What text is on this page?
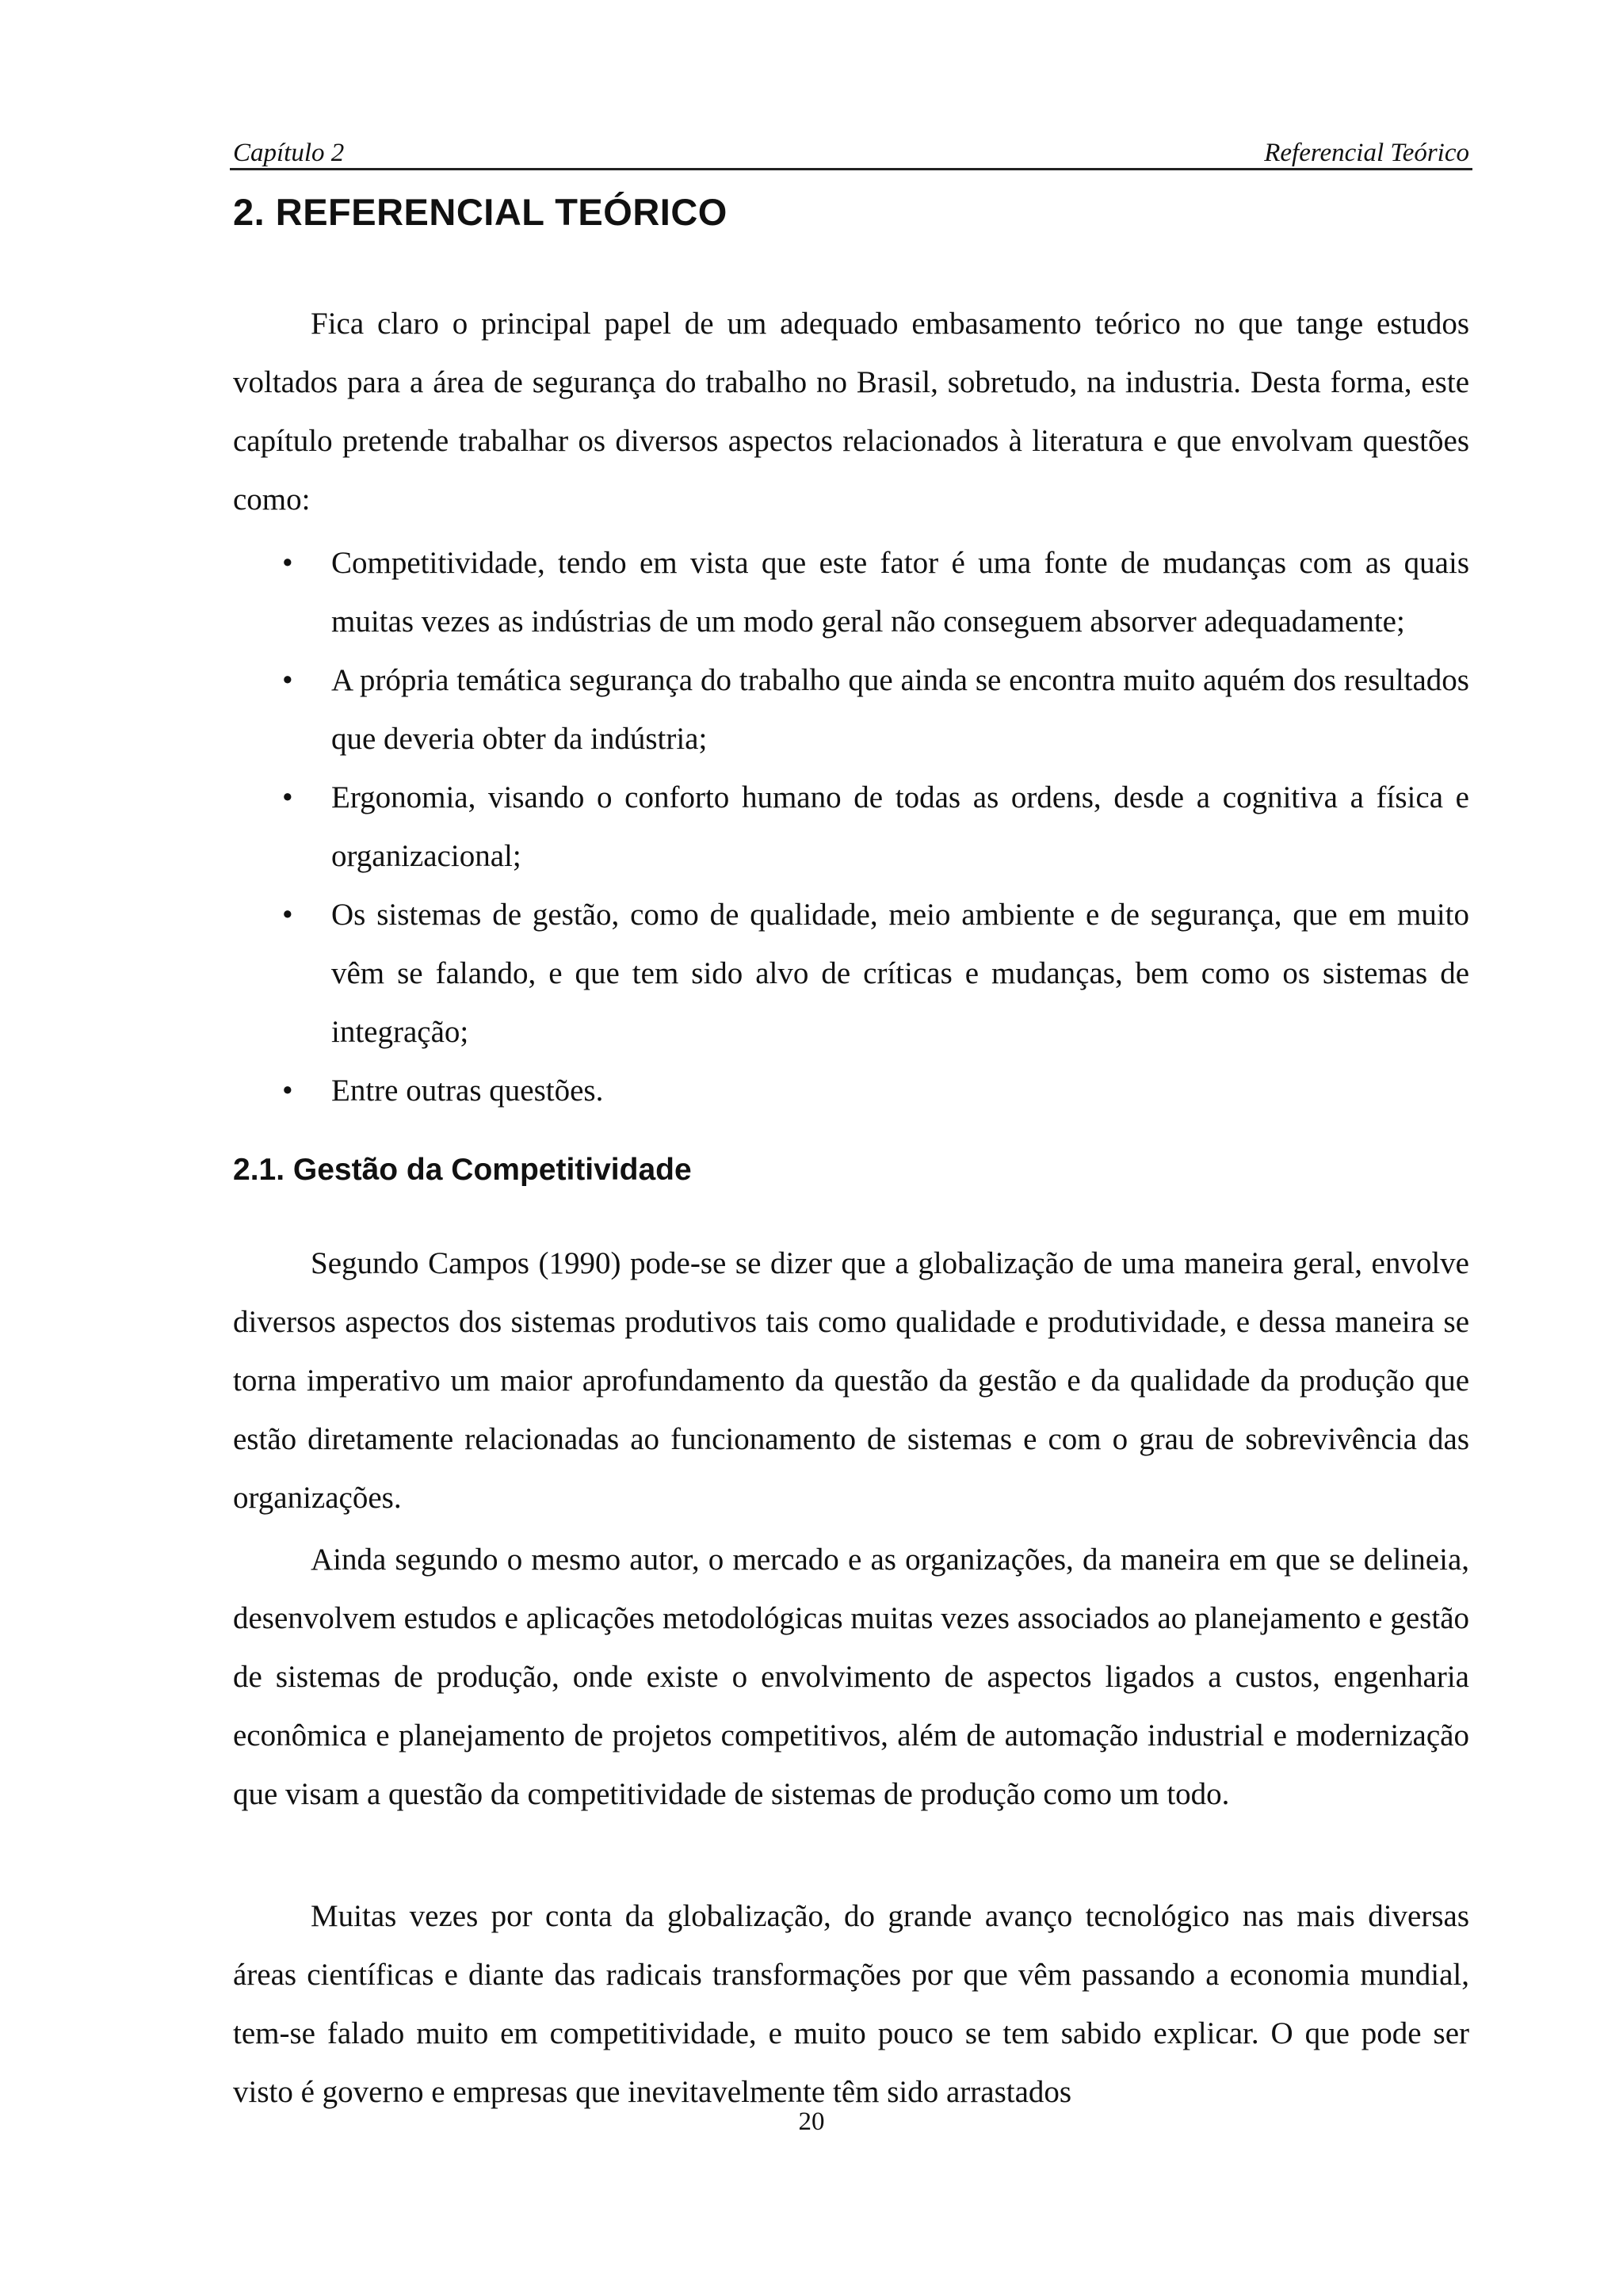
Capítulo 2	Referencial Teórico
2. REFERENCIAL TEÓRICO

Fica claro o principal papel de um adequado embasamento teórico no que tange estudos voltados para a área de segurança do trabalho no Brasil, sobretudo, na industria. Desta forma, este capítulo pretende trabalhar os diversos aspectos relacionados à literatura e que envolvam questões como:

• Competitividade, tendo em vista que este fator é uma fonte de mudanças com as quais muitas vezes as indústrias de um modo geral não conseguem absorver adequadamente;
• A própria temática segurança do trabalho que ainda se encontra muito aquém dos resultados que deveria obter da indústria;
• Ergonomia, visando o conforto humano de todas as ordens, desde a cognitiva a física e organizacional;
• Os sistemas de gestão, como de qualidade, meio ambiente e de segurança, que em muito vêm se falando, e que tem sido alvo de críticas e mudanças, bem como os sistemas de integração;
• Entre outras questões.
2.1. Gestão da Competitividade

Segundo Campos (1990) pode-se se dizer que a globalização de uma maneira geral, envolve diversos aspectos dos sistemas produtivos tais como qualidade e produtividade, e dessa maneira se torna imperativo um maior aprofundamento da questão da gestão e da qualidade da produção que estão diretamente relacionadas ao funcionamento de sistemas e com o grau de sobrevivência das organizações.

Ainda segundo o mesmo autor, o mercado e as organizações, da maneira em que se delineia, desenvolvem estudos e aplicações metodológicas muitas vezes associados ao planejamento e gestão de sistemas de produção, onde existe o envolvimento de aspectos ligados a custos, engenharia econômica e planejamento de projetos competitivos, além de automação industrial e modernização que visam a questão da competitividade de sistemas de produção como um todo.

Muitas vezes por conta da globalização, do grande avanço tecnológico nas mais diversas áreas científicas e diante das radicais transformações por que vêm passando a economia mundial, tem-se falado muito em competitividade, e muito pouco se tem sabido explicar. O que pode ser visto é governo e empresas que inevitavelmente têm sido arrastados

20
